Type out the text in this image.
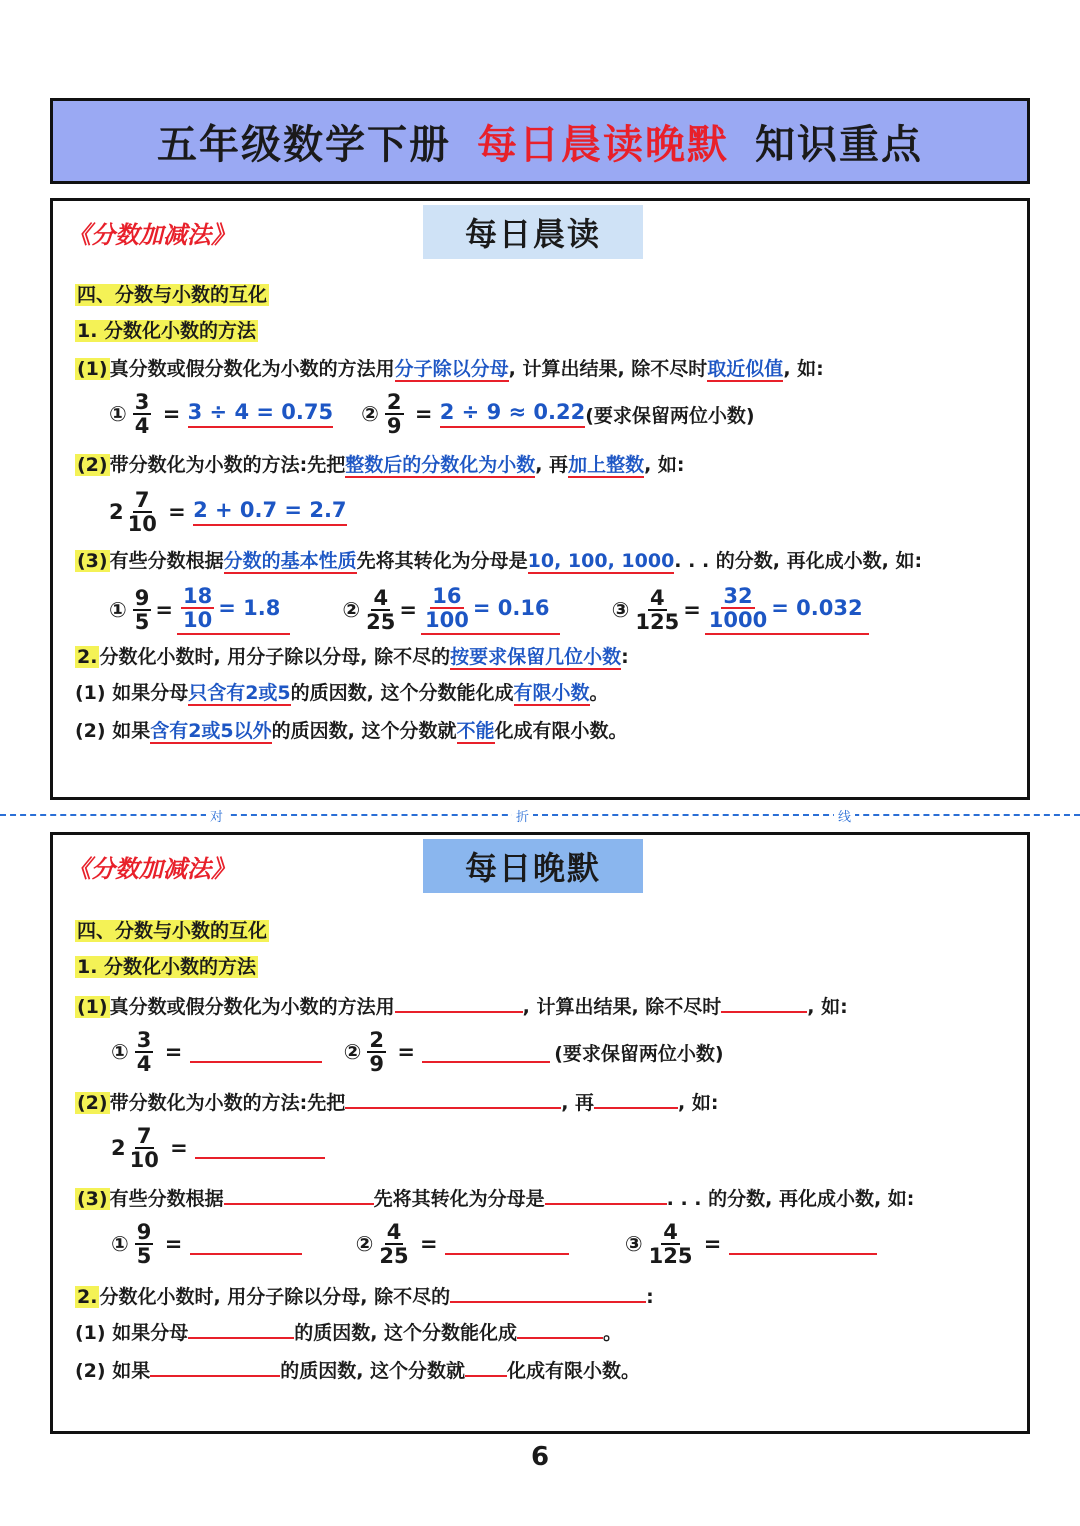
五年级数学下册 每日晨读晚默 知识重点
《分数加减法》	每日晨读
四、分数与小数的互化
1. 分数化小数的方法
(1) 真分数或假分数化为小数的方法用分子除以分母, 计算出结果, 除不尽时取近似值, 如:
① $\frac{3}{4} = 3 \div 4 = 0.75$ ② $\frac{2}{9} = 2 \div 9 \approx 0.22$ (要求保留两位小数)
(2) 带分数化为小数的方法:先把整数后的分数化为小数, 再加上整数, 如:
$2 \frac{7}{10} = 2 + 0.7 = 2.7$
(3) 有些分数根据分数的基本性质先将其转化为分母是10, 100, 1000. . . 的分数, 再化成小数, 如:
① $\frac{9}{5} = \frac{18}{10} = 1.8$	② $\frac{4}{25} = \frac{16}{100} = 0.16$	③ $\frac{4}{125} = \frac{32}{1000} = 0.032$
2. 分数化小数时, 用分子除以分母, 除不尽的按要求保留几位小数:
(1) 如果分母只含有2或5的质因数, 这个分数能化成有限小数。
(2) 如果含有2或5以外的质因数, 这个分数就不能化成有限小数。
对	折	线
《分数加减法》	每日晚默
四、分数与小数的互化
1. 分数化小数的方法
(1) 真分数或假分数化为小数的方法用	, 计算出结果, 除不尽时	, 如:
① $\frac{3}{4}$ =	② $\frac{2}{9}$ =	(要求保留两位小数)
(2) 带分数化为小数的方法:先把	, 再	, 如:
$2 \frac{7}{10}$ =
(3) 有些分数根据	先将其转化为分母是	. . . 的分数, 再化成小数, 如:
① $\frac{9}{5}$ =	② $\frac{4}{25}$ =	③ $\frac{4}{125}$ =
2. 分数化小数时, 用分子除以分母, 除不尽的	:
(1) 如果分母	的质因数, 这个分数能化成	。
(2) 如果	的质因数, 这个分数就 化成有限小数。
6
